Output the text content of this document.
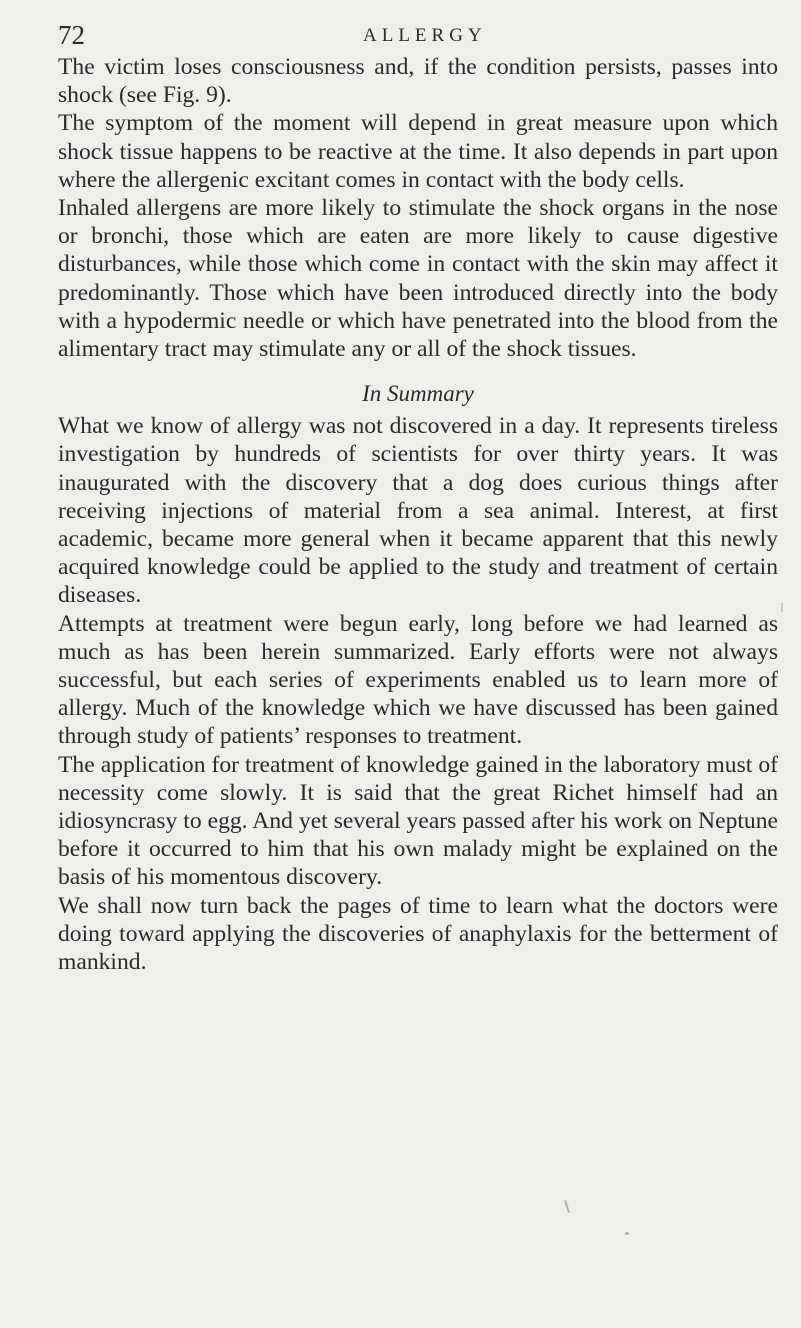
72	ALLERGY

The victim loses consciousness and, if the condition persists, passes into shock (see Fig. 9).

The symptom of the moment will depend in great measure upon which shock tissue happens to be reactive at the time. It also depends in part upon where the allergenic excitant comes in contact with the body cells.

Inhaled allergens are more likely to stimulate the shock organs in the nose or bronchi, those which are eaten are more likely to cause digestive disturbances, while those which come in contact with the skin may affect it predominantly. Those which have been introduced directly into the body with a hypodermic needle or which have penetrated into the blood from the alimentary tract may stimulate any or all of the shock tissues.

In Summary

What we know of allergy was not discovered in a day. It represents tireless investigation by hundreds of scientists for over thirty years. It was inaugurated with the discovery that a dog does curious things after receiving injections of material from a sea animal. Interest, at first academic, became more general when it became apparent that this newly acquired knowledge could be applied to the study and treatment of certain diseases.

Attempts at treatment were begun early, long before we had learned as much as has been herein summarized. Early efforts were not always successful, but each series of experiments enabled us to learn more of allergy. Much of the knowledge which we have discussed has been gained through study of patients’ responses to treatment.

The application for treatment of knowledge gained in the laboratory must of necessity come slowly. It is said that the great Richet himself had an idiosyncrasy to egg. And yet several years passed after his work on Neptune before it occurred to him that his own malady might be explained on the basis of his momentous discovery.

We shall now turn back the pages of time to learn what the doctors were doing toward applying the discoveries of anaphylaxis for the betterment of mankind.
